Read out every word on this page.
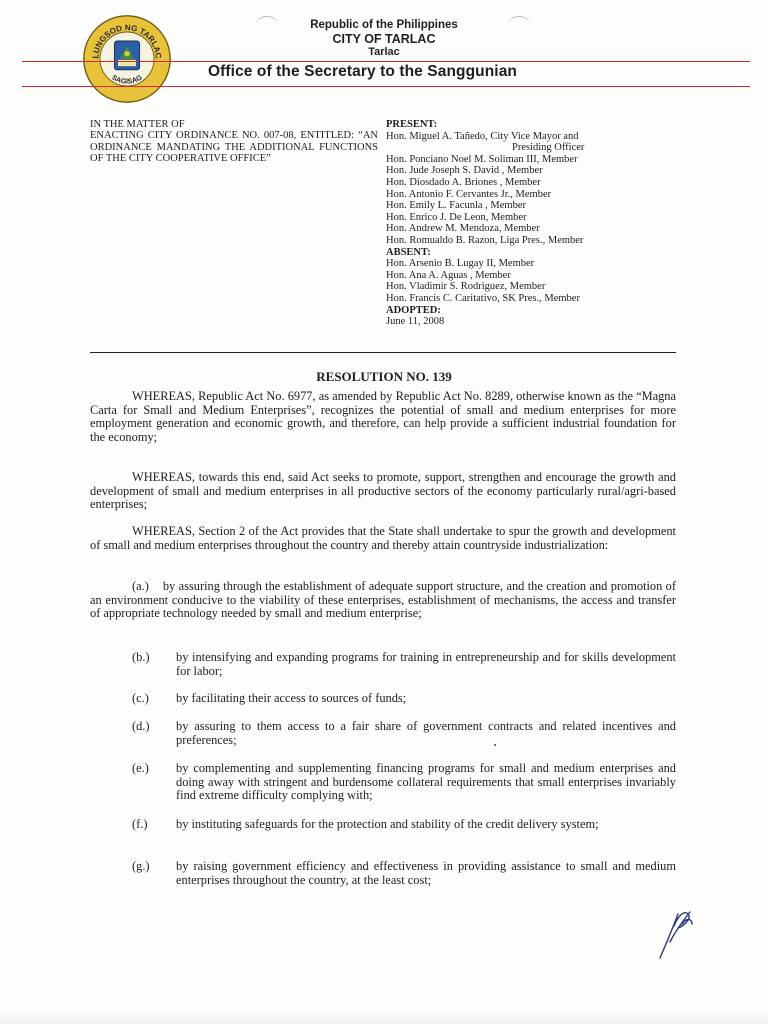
LUNGSOD NG TARLAC
SAGISAG
Republic of the Philippines
CITY OF TARLAC
Tarlac
Office of the Secretary to the Sanggunian
IN THE MATTER OF
ENACTING CITY ORDINANCE NO. 007-08, ENTITLED: “AN ORDINANCE MANDATING THE ADDITIONAL FUNCTIONS OF THE CITY COOPERATIVE OFFICE”
PRESENT:
Hon. Miguel A. Tañedo, City Vice Mayor and
Presiding Officer
Hon. Ponciano Noel M. Soliman III, Member
Hon. Jude Joseph S. David , Member
Hon. Diosdado A. Briones , Member
Hon. Antonio F. Cervantes Jr., Member
Hon. Emily L. Facunla , Member
Hon. Enrico J. De Leon, Member
Hon. Andrew M. Mendoza, Member
Hon. Romualdo B. Razon, Liga Pres., Member
ABSENT:
Hon. Arsenio B. Lugay II, Member
Hon. Ana A. Aguas , Member
Hon. Vladimir S. Rodriguez, Member
Hon. Francis C. Caritativo, SK Pres., Member
ADOPTED:
June 11, 2008
RESOLUTION NO. 139
WHEREAS, Republic Act No. 6977, as amended by Republic Act No. 8289, otherwise known as the “Magna Carta for Small and Medium Enterprises”, recognizes the potential of small and medium enterprises for more employment generation and economic growth, and therefore, can help provide a sufficient industrial foundation for the economy;
WHEREAS, towards this end, said Act seeks to promote, support, strengthen and encourage the growth and development of small and medium enterprises in all productive sectors of the economy particularly rural/agri-based enterprises;
WHEREAS, Section 2 of the Act provides that the State shall undertake to spur the growth and development of small and medium enterprises throughout the country and thereby attain countryside industrialization:
(a.) by assuring through the establishment of adequate support structure, and the creation and promotion of an environment conducive to the viability of these enterprises, establishment of mechanisms, the access and transfer of appropriate technology needed by small and medium enterprise;
(b.) by intensifying and expanding programs for training in entrepreneurship and for skills development for labor;
(c.) by facilitating their access to sources of funds;
(d.) by assuring to them access to a fair share of government contracts and related incentives and preferences;
(e.) by complementing and supplementing financing programs for small and medium enterprises and doing away with stringent and burdensome collateral requirements that small enterprises invariably find extreme difficulty complying with;
(f.) by instituting safeguards for the protection and stability of the credit delivery system;
(g.) by raising government efficiency and effectiveness in providing assistance to small and medium enterprises throughout the country, at the least cost;
